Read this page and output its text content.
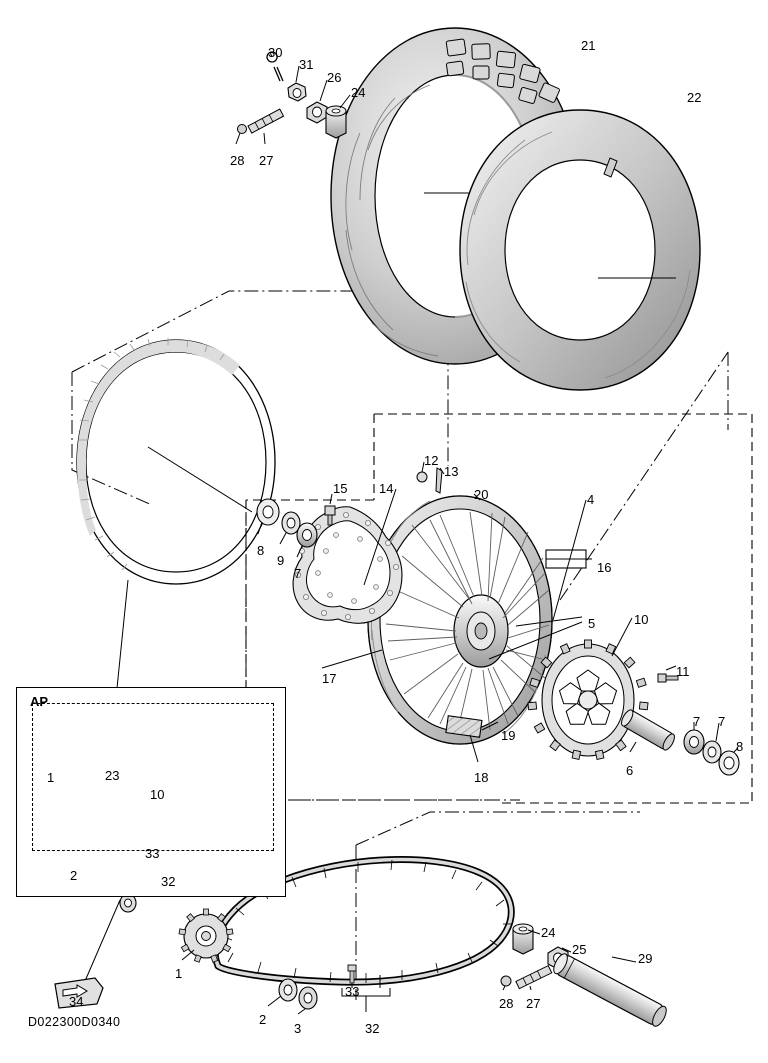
AP
30
31
26
24
28 27
21
22
23
8
9
7
15 14
12
13
20	4
16
5	10
11
7 7
8
6
17
18
19
1
10
2
33
32
34
1
2
3
33
32
24
25
28 27
29
D022300D0340
